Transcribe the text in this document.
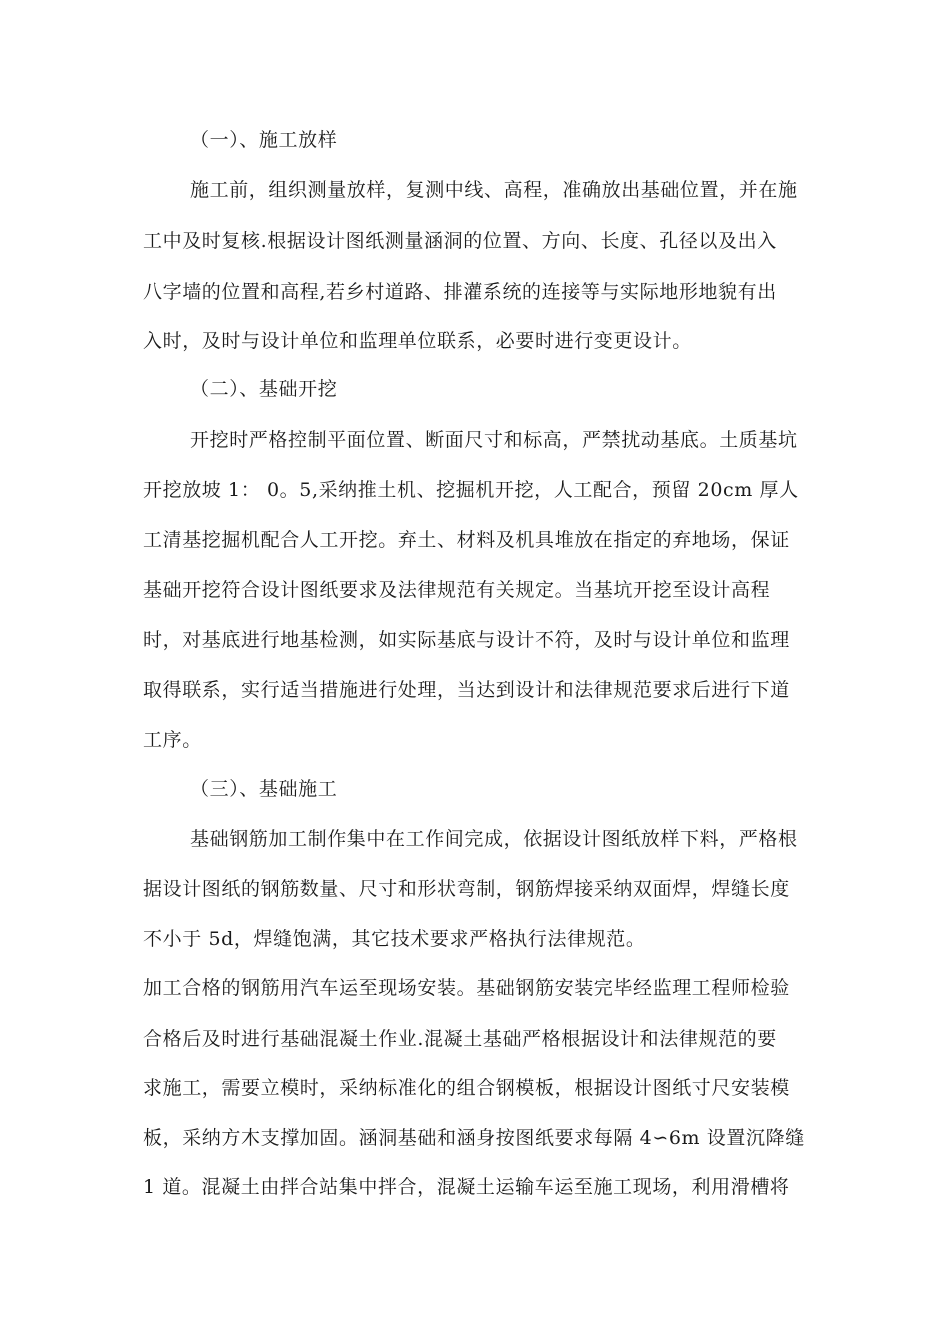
（一）、施工放样
施工前，组织测量放样，复测中线、高程，准确放出基础位置，并在施
工中及时复核.根据设计图纸测量涵洞的位置、方向、长度、孔径以及出入
八字墙的位置和高程,若乡村道路、排灌系统的连接等与实际地形地貌有出
入时，及时与设计单位和监理单位联系，必要时进行变更设计。
（二）、基础开挖
开挖时严格控制平面位置、断面尺寸和标高，严禁扰动基底。土质基坑
开挖放坡 1： 0。5,采纳推土机、挖掘机开挖，人工配合，预留 20cm 厚人
工清基挖掘机配合人工开挖。弃土、材料及机具堆放在指定的弃地场，保证
基础开挖符合设计图纸要求及法律规范有关规定。当基坑开挖至设计高程
时，对基底进行地基检测，如实际基底与设计不符，及时与设计单位和监理
取得联系，实行适当措施进行处理，当达到设计和法律规范要求后进行下道
工序。
（三）、基础施工
基础钢筋加工制作集中在工作间完成，依据设计图纸放样下料，严格根
据设计图纸的钢筋数量、尺寸和形状弯制，钢筋焊接采纳双面焊，焊缝长度
不小于 5d，焊缝饱满，其它技术要求严格执行法律规范。
加工合格的钢筋用汽车运至现场安装。基础钢筋安装完毕经监理工程师检验
合格后及时进行基础混凝土作业.混凝土基础严格根据设计和法律规范的要
求施工，需要立模时，采纳标准化的组合钢模板，根据设计图纸寸尺安装模
板，采纳方木支撑加固。涵洞基础和涵身按图纸要求每隔 4∽6m 设置沉降缝
1 道。混凝土由拌合站集中拌合，混凝土运输车运至施工现场，利用滑槽将
